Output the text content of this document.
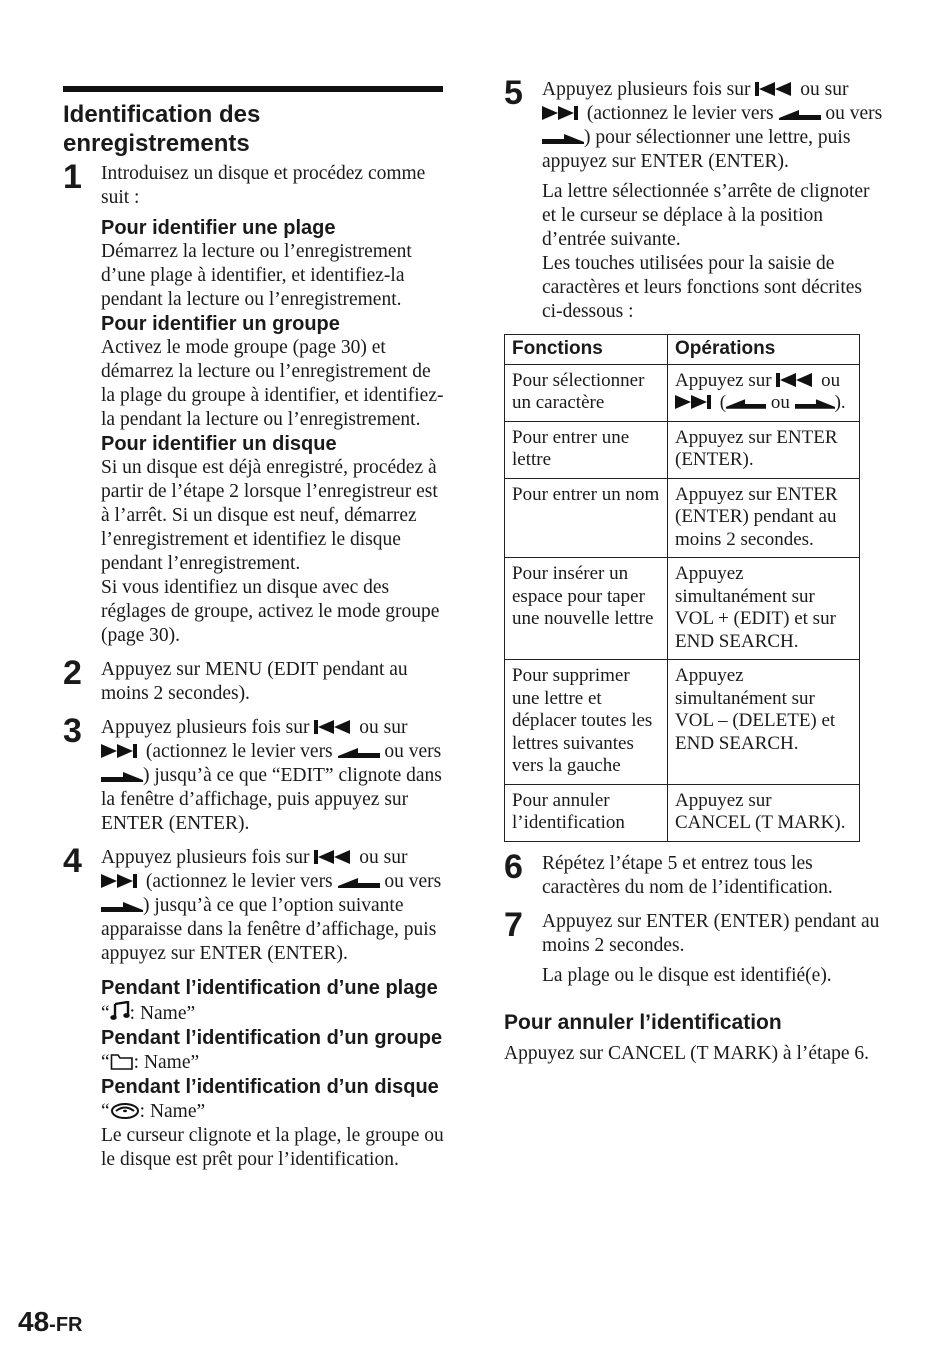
Identification des
enregistrements
1 Introduisez un disque et procédez comme suit :
Pour identifier une plage
Démarrez la lecture ou l’enregistrement d’une plage à identifier, et identifiez-la pendant la lecture ou l’enregistrement.
Pour identifier un groupe
Activez le mode groupe (page 30) et démarrez la lecture ou l’enregistrement de la plage du groupe à identifier, et identifiez-la pendant la lecture ou l’enregistrement.
Pour identifier un disque
Si un disque est déjà enregistré, procédez à partir de l’étape 2 lorsque l’enregistreur est à l’arrêt. Si un disque est neuf, démarrez l’enregistrement et identifiez le disque pendant l’enregistrement.
Si vous identifiez un disque avec des réglages de groupe, activez le mode groupe (page 30).
2 Appuyez sur MENU (EDIT pendant au moins 2 secondes).
3 Appuyez plusieurs fois sur	ou sur  (actionnez le levier vers	ou vers ) jusqu’à ce que “EDIT” clignote dans la fenêtre d’affichage, puis appuyez sur ENTER (ENTER).
4 Appuyez plusieurs fois sur	ou sur  (actionnez le levier vers	ou vers ) jusqu’à ce que l’option suivante apparaisse dans la fenêtre d’affichage, puis appuyez sur ENTER (ENTER).
Pendant l’identification d’une plage “ : Name”
Pendant l’identification d’un groupe “ : Name”
Pendant l’identification d’un disque “ : Name”
Le curseur clignote et la plage, le groupe ou le disque est prêt pour l’identification.
5 Appuyez plusieurs fois sur	ou sur  (actionnez le levier vers	ou vers ) pour sélectionner une lettre, puis appuyez sur ENTER (ENTER).
La lettre sélectionnée s’arrête de clignoter et le curseur se déplace à la position d’entrée suivante.
Les touches utilisées pour la saisie de caractères et leurs fonctions sont décrites ci-dessous :
Fonctions	Opérations
Pour sélectionner un caractère	Appuyez sur ou  ( ou ).
Pour entrer une lettre	Appuyez sur ENTER (ENTER).
Pour entrer un nom	Appuyez sur ENTER (ENTER) pendant au moins 2 secondes.
Pour insérer un espace pour taper une nouvelle lettre	Appuyez simultanément sur VOL + (EDIT) et sur END SEARCH.
Pour supprimer une lettre et déplacer toutes les lettres suivantes vers la gauche	Appuyez simultanément sur VOL – (DELETE) et END SEARCH.
Pour annuler l’identification	Appuyez sur CANCEL (T MARK).
6 Répétez l’étape 5 et entrez tous les caractères du nom de l’identification.
7 Appuyez sur ENTER (ENTER) pendant au moins 2 secondes.
La plage ou le disque est identifié(e).
Pour annuler l’identification
Appuyez sur CANCEL (T MARK) à l’étape 6.
48-FR
